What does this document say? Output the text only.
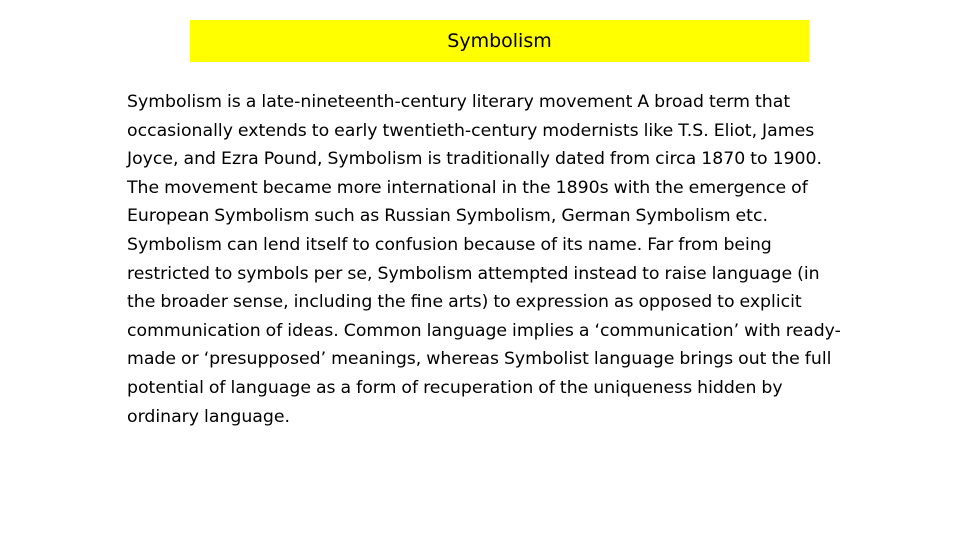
Symbolism

Symbolism is a late-nineteenth-century literary movement A broad term that occasionally extends to early twentieth-century modernists like T.S. Eliot, James Joyce, and Ezra Pound, Symbolism is traditionally dated from circa 1870 to 1900. The movement became more international in the 1890s with the emergence of European Symbolism such as Russian Symbolism, German Symbolism etc.

Symbolism can lend itself to confusion because of its name. Far from being restricted to symbols per se, Symbolism attempted instead to raise language (in the broader sense, including the fine arts) to expression as opposed to explicit communication of ideas. Common language implies a ‘communication’ with ready-made or ‘presupposed’ meanings, whereas Symbolist language brings out the full potential of language as a form of recuperation of the uniqueness hidden by ordinary language.
